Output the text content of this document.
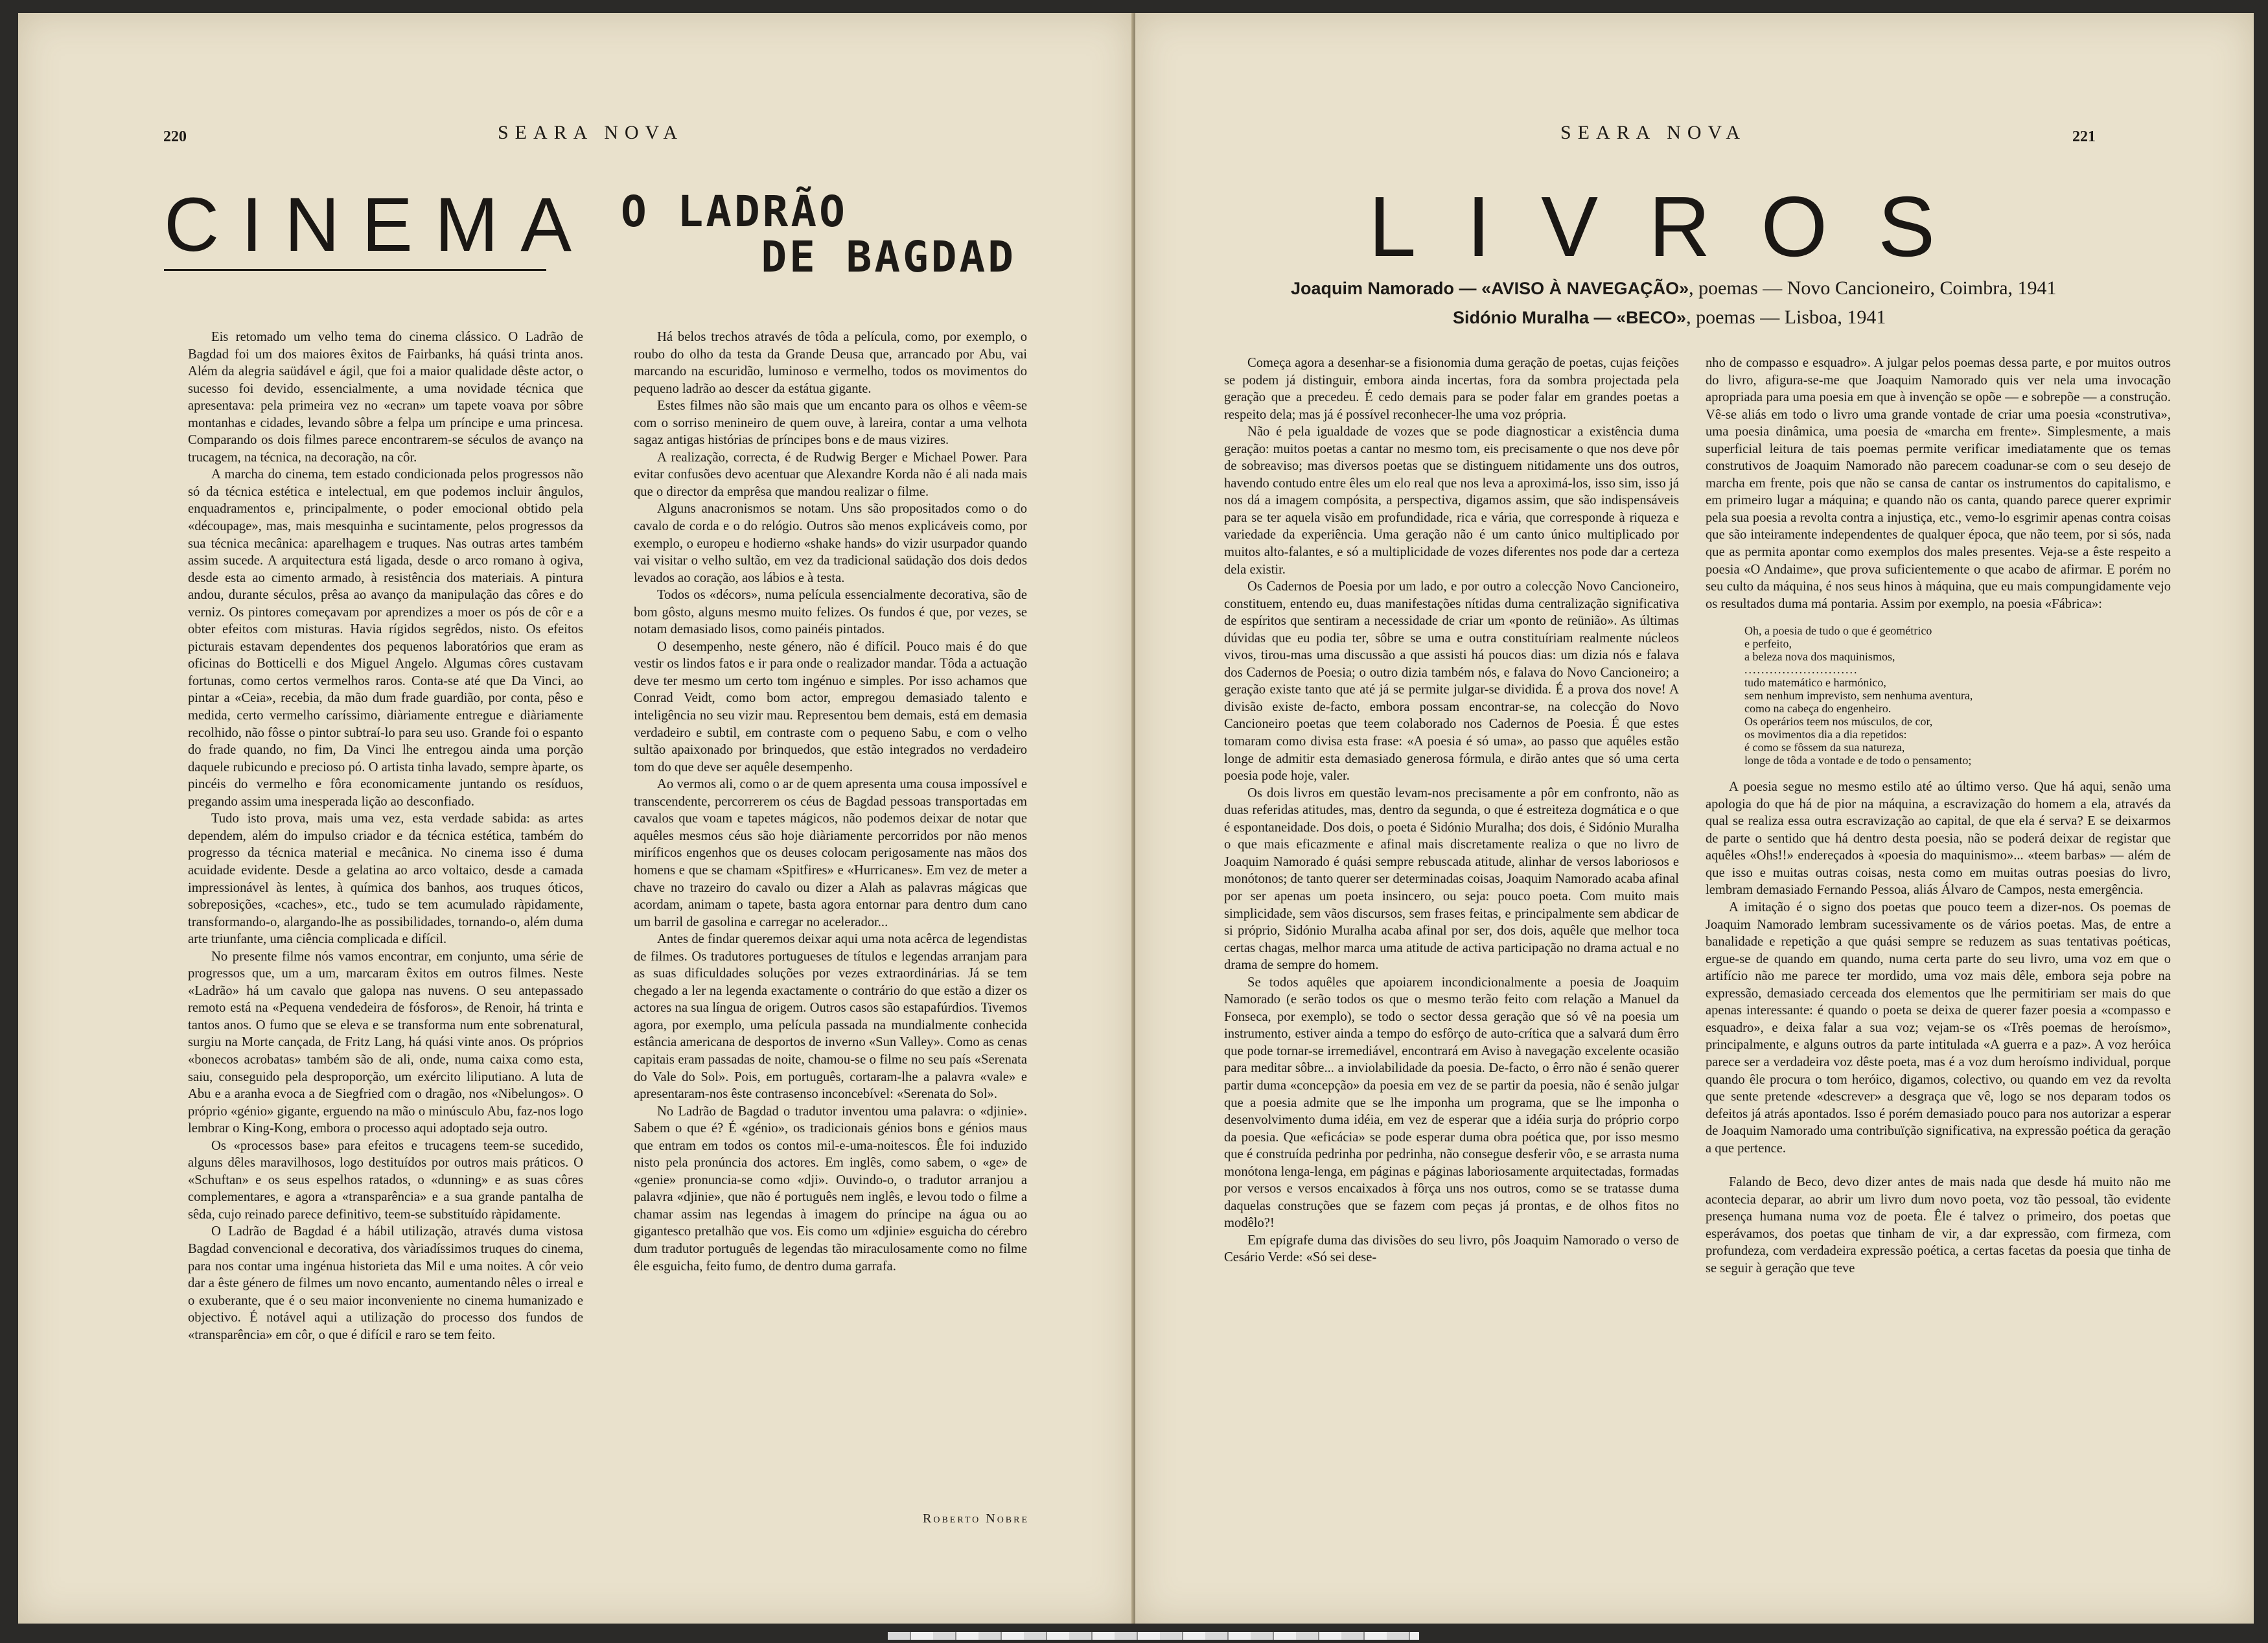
220	SEARA NOVA
CINEMA O LADRÃO
DE BAGDAD

Eis retomado um velho tema do cinema clássico. O Ladrão de Bagdad foi um dos maiores êxitos de Fairbanks, há quási trinta anos. Além da alegria saüdável e ágil, que foi a maior qualidade dêste actor, o sucesso foi devido, essencialmente, a uma novidade técnica que apresentava: pela primeira vez no «ecran» um tapete voava por sôbre montanhas e cidades, levando sôbre a felpa um príncipe e uma princesa. Comparando os dois filmes parece encontrarem-se séculos de avanço na trucagem, na técnica, na decoração, na côr.

A marcha do cinema, tem estado condicionada pelos progressos não só da técnica estética e intelectual, em que podemos incluir ângulos, enquadramentos e, principalmente, o poder emocional obtido pela «découpage», mas, mais mesquinha e sucintamente, pelos progressos da sua técnica mecânica: aparelhagem e truques. Nas outras artes também assim sucede. A arquitectura está ligada, desde o arco romano à ogiva, desde esta ao cimento armado, à resistência dos materiais. A pintura andou, durante séculos, prêsa ao avanço da manipulação das côres e do verniz. Os pintores começavam por aprendizes a moer os pós de côr e a obter efeitos com misturas. Havia rígidos segrêdos, nisto. Os efeitos picturais estavam dependentes dos pequenos laboratórios que eram as oficinas do Botticelli e dos Miguel Angelo. Algumas côres custavam fortunas, como certos vermelhos raros. Conta-se até que Da Vinci, ao pintar a «Ceia», recebia, da mão dum frade guardião, por conta, pêso e medida, certo vermelho caríssimo, diàriamente entregue e diàriamente recolhido, não fôsse o pintor subtraí-lo para seu uso. Grande foi o espanto do frade quando, no fim, Da Vinci lhe entregou ainda uma porção daquele rubicundo e precioso pó. O artista tinha lavado, sempre àparte, os pincéis do vermelho e fôra economicamente juntando os resíduos, pregando assim uma inesperada lição ao desconfiado.

Tudo isto prova, mais uma vez, esta verdade sabida: as artes dependem, além do impulso criador e da técnica estética, também do progresso da técnica material e mecânica. No cinema isso é duma acuidade evidente. Desde a gelatina ao arco voltaico, desde a camada impressionável às lentes, à química dos banhos, aos truques óticos, sobreposições, «caches», etc., tudo se tem acumulado ràpidamente, transformando-o, alargando-lhe as possibilidades, tornando-o, além duma arte triunfante, uma ciência complicada e difícil.

No presente filme nós vamos encontrar, em conjunto, uma série de progressos que, um a um, marcaram êxitos em outros filmes. Neste «Ladrão» há um cavalo que galopa nas nuvens. O seu antepassado remoto está na «Pequena vendedeira de fósforos», de Renoir, há trinta e tantos anos. O fumo que se eleva e se transforma num ente sobrenatural, surgiu na Morte cançada, de Fritz Lang, há quási vinte anos. Os próprios «bonecos acrobatas» também são de ali, onde, numa caixa como esta, saiu, conseguido pela desproporção, um exército liliputiano. A luta de Abu e a aranha evoca a de Siegfried com o dragão, nos «Nibelungos». O próprio «génio» gigante, erguendo na mão o minúsculo Abu, faz-nos logo lembrar o King-Kong, embora o processo aqui adoptado seja outro.

Os «processos base» para efeitos e trucagens teem-se sucedido, alguns dêles maravilhosos, logo destituídos por outros mais práticos. O «Schuftan» e os seus espelhos ratados, o «dunning» e as suas côres complementares, e agora a «transparência» e a sua grande pantalha de sêda, cujo reinado parece definitivo, teem-se substituído ràpidamente.

O Ladrão de Bagdad é a hábil utilização, através duma vistosa Bagdad convencional e decorativa, dos vàriadíssimos truques do cinema, para nos contar uma ingénua historieta das Mil e uma noites. A côr veio dar a êste género de filmes um novo encanto, aumentando nêles o irreal e o exuberante, que é o seu maior inconveniente no cinema humanizado e objectivo. É notável aqui a utilização do processo dos fundos de «transparência» em côr, o que é difícil e raro se tem feito.

Há belos trechos através de tôda a película, como, por exemplo, o roubo do olho da testa da Grande Deusa que, arrancado por Abu, vai marcando na escuridão, luminoso e vermelho, todos os movimentos do pequeno ladrão ao descer da estátua gigante.

Estes filmes não são mais que um encanto para os olhos e vêem-se com o sorriso menineiro de quem ouve, à lareira, contar a uma velhota sagaz antigas histórias de príncipes bons e de maus vizires.

A realização, correcta, é de Rudwig Berger e Michael Power. Para evitar confusões devo acentuar que Alexandre Korda não é ali nada mais que o director da emprêsa que mandou realizar o filme.

Alguns anacronismos se notam. Uns são propositados como o do cavalo de corda e o do relógio. Outros são menos explicáveis como, por exemplo, o europeu e hodierno «shake hands» do vizir usurpador quando vai visitar o velho sultão, em vez da tradicional saüdação dos dois dedos levados ao coração, aos lábios e à testa.

Todos os «décors», numa película essencialmente decorativa, são de bom gôsto, alguns mesmo muito felizes. Os fundos é que, por vezes, se notam demasiado lisos, como painéis pintados.

O desempenho, neste género, não é difícil. Pouco mais é do que vestir os lindos fatos e ir para onde o realizador mandar. Tôda a actuação deve ter mesmo um certo tom ingénuo e simples. Por isso achamos que Conrad Veidt, como bom actor, empregou demasiado talento e inteligência no seu vizir mau. Representou bem demais, está em demasia verdadeiro e subtil, em contraste com o pequeno Sabu, e com o velho sultão apaixonado por brinquedos, que estão integrados no verdadeiro tom do que deve ser aquêle desempenho.

Ao vermos ali, como o ar de quem apresenta uma cousa impossível e transcendente, percorrerem os céus de Bagdad pessoas transportadas em cavalos que voam e tapetes mágicos, não podemos deixar de notar que aquêles mesmos céus são hoje diàriamente percorridos por não menos miríficos engenhos que os deuses colocam perigosamente nas mãos dos homens e que se chamam «Spitfires» e «Hurricanes». Em vez de meter a chave no trazeiro do cavalo ou dizer a Alah as palavras mágicas que acordam, animam o tapete, basta agora entornar para dentro dum cano um barril de gasolina e carregar no acelerador...

Antes de findar queremos deixar aqui uma nota acêrca de legendistas de filmes. Os tradutores portugueses de títulos e legendas arranjam para as suas dificuldades soluções por vezes extraordinárias. Já se tem chegado a ler na legenda exactamente o contrário do que estão a dizer os actores na sua língua de origem. Outros casos são estapafúrdios. Tivemos agora, por exemplo, uma película passada na mundialmente conhecida estância americana de desportos de inverno «Sun Valley». Como as cenas capitais eram passadas de noite, chamou-se o filme no seu país «Serenata do Vale do Sol». Pois, em português, cortaram-lhe a palavra «vale» e apresentaram-nos êste contrasenso inconcebível: «Serenata do Sol».

No Ladrão de Bagdad o tradutor inventou uma palavra: o «djinie». Sabem o que é? É «génio», os tradicionais génios bons e génios maus que entram em todos os contos mil-e-uma-noitescos. Êle foi induzido nisto pela pronúncia dos actores. Em inglês, como sabem, o «ge» de «genie» pronuncia-se como «dji». Ouvindo-o, o tradutor arranjou a palavra «djinie», que não é português nem inglês, e levou todo o filme a chamar assim nas legendas à imagem do príncipe na água ou ao gigantesco pretalhão que vos. Eis como um «djinie» esguicha do cérebro dum tradutor português de legendas tão miraculosamente como no filme êle esguicha, feito fumo, de dentro duma garrafa.

Roberto Nobre
SEARA NOVA	221
LIVROS
Joaquim Namorado — «AVISO À NAVEGAÇÃO», poemas — Novo Cancioneiro, Coimbra, 1941
Sidónio Muralha — «BECO», poemas — Lisboa, 1941

Começa agora a desenhar-se a fisionomia duma geração de poetas, cujas feições se podem já distinguir, embora ainda incertas, fora da sombra projectada pela geração que a precedeu. É cedo demais para se poder falar em grandes poetas a respeito dela; mas já é possível reconhecer-lhe uma voz própria.

Não é pela igualdade de vozes que se pode diagnosticar a existência duma geração: muitos poetas a cantar no mesmo tom, eis precisamente o que nos deve pôr de sobreaviso; mas diversos poetas que se distinguem nitidamente uns dos outros, havendo contudo entre êles um elo real que nos leva a aproximá-los, isso sim, isso já nos dá a imagem compósita, a perspectiva, digamos assim, que são indispensáveis para se ter aquela visão em profundidade, rica e vária, que corresponde à riqueza e variedade da experiência. Uma geração não é um canto único multiplicado por muitos alto-falantes, e só a multiplicidade de vozes diferentes nos pode dar a certeza dela existir.

Os Cadernos de Poesia por um lado, e por outro a colecção Novo Cancioneiro, constituem, entendo eu, duas manifestações nítidas duma centralização significativa de espíritos que sentiram a necessidade de criar um «ponto de reünião». As últimas dúvidas que eu podia ter, sôbre se uma e outra constituíriam realmente núcleos vivos, tirou-mas uma discussão a que assisti há poucos dias: um dizia nós e falava dos Cadernos de Poesia; o outro dizia também nós, e falava do Novo Cancioneiro; a geração existe tanto que até já se permite julgar-se dividida. É a prova dos nove! A divisão existe de-facto, embora possam encontrar-se, na colecção do Novo Cancioneiro poetas que teem colaborado nos Cadernos de Poesia. É que estes tomaram como divisa esta frase: «A poesia é só uma», ao passo que aquêles estão longe de admitir esta demasiado generosa fórmula, e dirão antes que só uma certa poesia pode hoje, valer.

Os dois livros em questão levam-nos precisamente a pôr em confronto, não as duas referidas atitudes, mas, dentro da segunda, o que é estreiteza dogmática e o que é espontaneidade. Dos dois, o poeta é Sidónio Muralha; dos dois, é Sidónio Muralha o que mais eficazmente e afinal mais discretamente realiza o que no livro de Joaquim Namorado é quási sempre rebuscada atitude, alinhar de versos laboriosos e monótonos; de tanto querer ser determinadas coisas, Joaquim Namorado acaba afinal por ser apenas um poeta insincero, ou seja: pouco poeta. Com muito mais simplicidade, sem vãos discursos, sem frases feitas, e principalmente sem abdicar de si próprio, Sidónio Muralha acaba afinal por ser, dos dois, aquêle que melhor toca certas chagas, melhor marca uma atitude de activa participação no drama actual e no drama de sempre do homem.

Se todos aquêles que apoiarem incondicionalmente a poesia de Joaquim Namorado (e serão todos os que o mesmo terão feito com relação a Manuel da Fonseca, por exemplo), se todo o sector dessa geração que só vê na poesia um instrumento, estiver ainda a tempo do esfôrço de auto-crítica que a salvará dum êrro que pode tornar-se irremediável, encontrará em Aviso à navegação excelente ocasião para meditar sôbre... a inviolabilidade da poesia. De-facto, o êrro não é senão querer partir duma «concepção» da poesia em vez de se partir da poesia, não é senão julgar que a poesia admite que se lhe imponha um programa, que se lhe imponha o desenvolvimento duma idéia, em vez de esperar que a idéia surja do próprio corpo da poesia. Que «eficácia» se pode esperar duma obra poética que, por isso mesmo que é construída pedrinha por pedrinha, não consegue desferir vôo, e se arrasta numa monótona lenga-lenga, em páginas e páginas laboriosamente arquitectadas, formadas por versos e versos encaixados à fôrça uns nos outros, como se se tratasse duma daquelas construções que se fazem com peças já prontas, e de olhos fitos no modêlo?!

Em epígrafe duma das divisões do seu livro, pôs Joaquim Namorado o verso de Cesário Verde: «Só sei dese-

nho de compasso e esquadro». A julgar pelos poemas dessa parte, e por muitos outros do livro, afigura-se-me que Joaquim Namorado quis ver nela uma invocação apropriada para uma poesia em que à invenção se opõe — e sobrepõe — a construção. Vê-se aliás em todo o livro uma grande vontade de criar uma poesia «construtiva», uma poesia dinâmica, uma poesia de «marcha em frente». Simplesmente, a mais superficial leitura de tais poemas permite verificar imediatamente que os temas construtivos de Joaquim Namorado não parecem coadunar-se com o seu desejo de marcha em frente, pois que não se cansa de cantar os instrumentos do capitalismo, e em primeiro lugar a máquina; e quando não os canta, quando parece querer exprimir pela sua poesia a revolta contra a injustiça, etc., vemo-lo esgrimir apenas contra coisas que são inteiramente independentes de qualquer época, que não teem, por si sós, nada que as permita apontar como exemplos dos males presentes. Veja-se a êste respeito a poesia «O Andaime», que prova suficientemente o que acabo de afirmar. E porém no seu culto da máquina, é nos seus hinos à máquina, que eu mais compungidamente vejo os resultados duma má pontaria. Assim por exemplo, na poesia «Fábrica»:

Oh, a poesia de tudo o que é geométrico
e perfeito,
a beleza nova dos maquinismos,
...........................
tudo matemático e harmónico,
sem nenhum imprevisto, sem nenhuma aventura,
como na cabeça do engenheiro.
Os operários teem nos músculos, de cor,
os movimentos dia a dia repetidos:
é como se fôssem da sua natureza,
longe de tôda a vontade e de todo o pensamento;

A poesia segue no mesmo estilo até ao último verso. Que há aqui, senão uma apologia do que há de pior na máquina, a escravização do homem a ela, através da qual se realiza essa outra escravização ao capital, de que ela é serva? E se deixarmos de parte o sentido que há dentro desta poesia, não se poderá deixar de registar que aquêles «Ohs!!» endereçados à «poesia do maquinismo»... «teem barbas» — além de que isso e muitas outras coisas, nesta como em muitas outras poesias do livro, lembram demasiado Fernando Pessoa, aliás Álvaro de Campos, nesta emergência.

A imitação é o signo dos poetas que pouco teem a dizer-nos. Os poemas de Joaquim Namorado lembram sucessivamente os de vários poetas. Mas, de entre a banalidade e repetição a que quási sempre se reduzem as suas tentativas poéticas, ergue-se de quando em quando, numa certa parte do seu livro, uma voz em que o artifício não me parece ter mordido, uma voz mais dêle, embora seja pobre na expressão, demasiado cerceada dos elementos que lhe permitiriam ser mais do que apenas interessante: é quando o poeta se deixa de querer fazer poesia a «compasso e esquadro», e deixa falar a sua voz; vejam-se os «Três poemas de heroísmo», principalmente, e alguns outros da parte intitulada «A guerra e a paz». A voz heróica parece ser a verdadeira voz dêste poeta, mas é a voz dum heroísmo individual, porque quando êle procura o tom heróico, digamos, colectivo, ou quando em vez da revolta que sente pretende «descrever» a desgraça que vê, logo se nos deparam todos os defeitos já atrás apontados. Isso é porém demasiado pouco para nos autorizar a esperar de Joaquim Namorado uma contribuïção significativa, na expressão poética da geração a que pertence.

Falando de Beco, devo dizer antes de mais nada que desde há muito não me acontecia deparar, ao abrir um livro dum novo poeta, voz tão pessoal, tão evidente presença humana numa voz de poeta. Êle é talvez o primeiro, dos poetas que esperávamos, dos poetas que tinham de vir, a dar expressão, com firmeza, com profundeza, com verdadeira expressão poética, a certas facetas da poesia que tinha de se seguir à geração que teve
